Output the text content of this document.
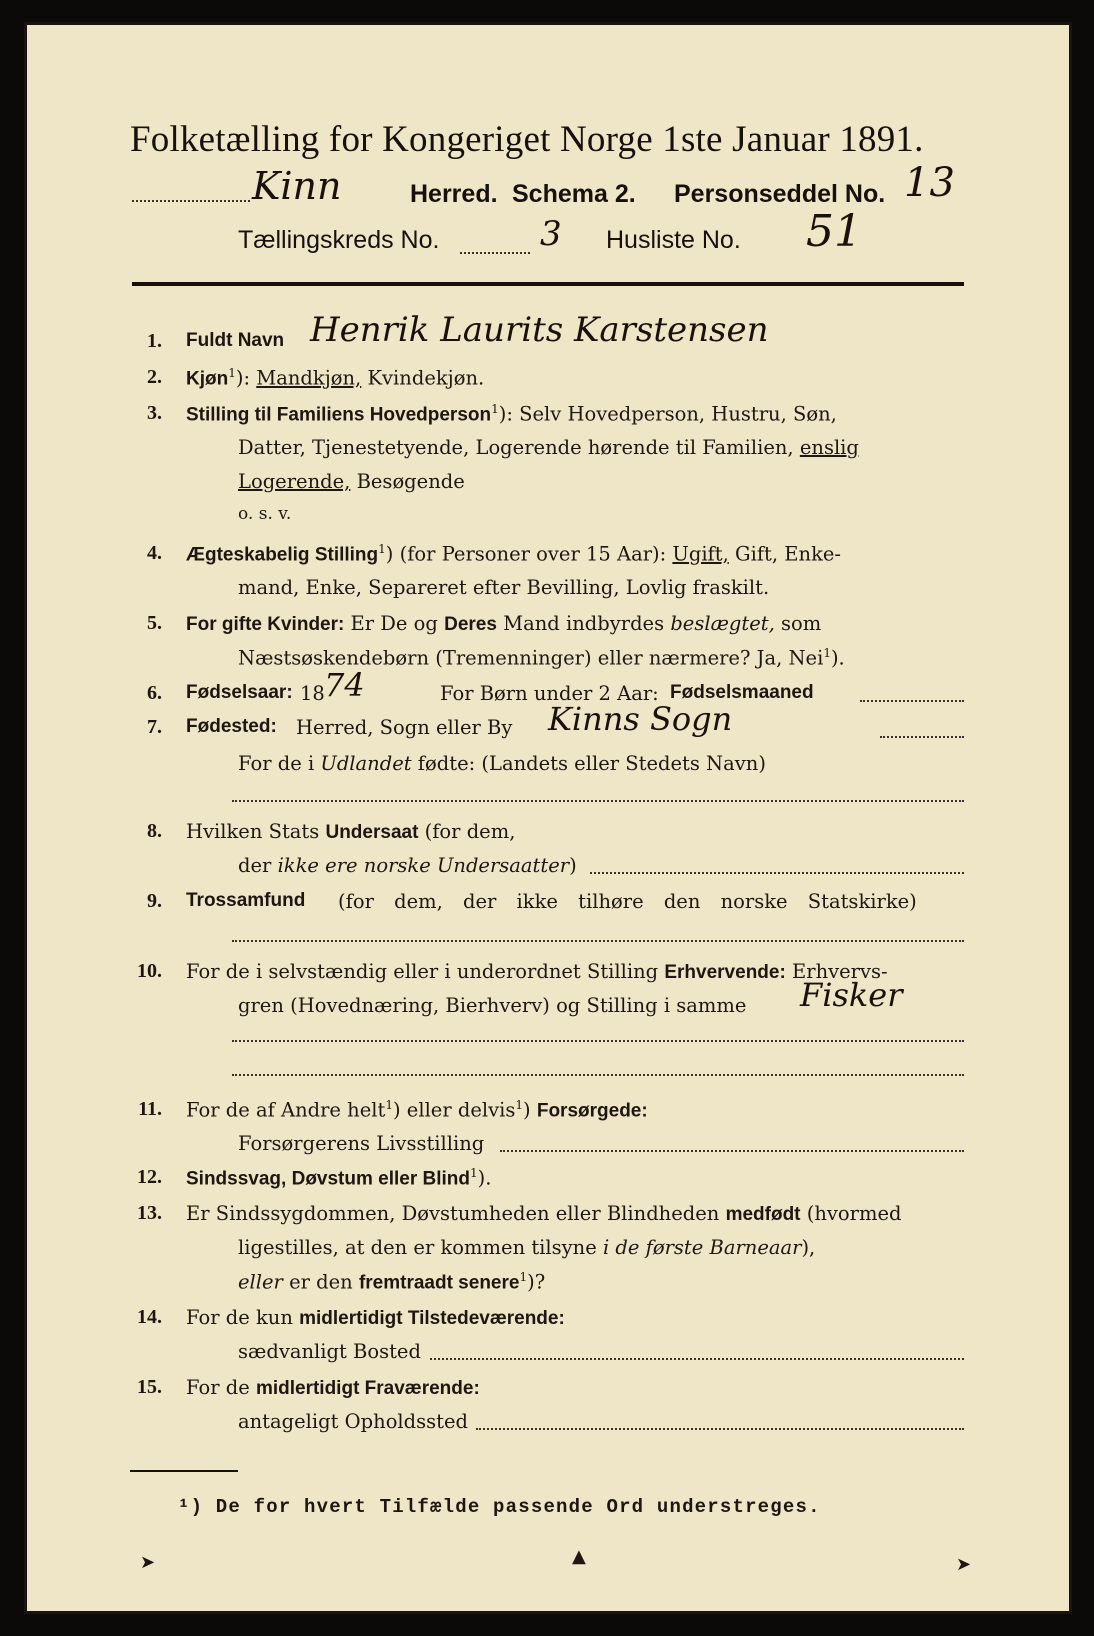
Folketælling for Kongeriget Norge 1ste Januar 1891.
Kinn	Herred. Schema 2. Personseddel No. 13
Tællingskreds No.	3 Husliste No. 51
1. Fuldt Navn Henrik Laurits Karstensen
2. Kjøn$^1$): Mandkjøn, Kvindekjøn.
3. Stilling til Familiens Hovedperson$^1$): Selv Hovedperson, Hustru, Søn,
Datter, Tjenestetyende, Logerende hørende til Familien, enslig
Logerende, Besøgende
o. s. v.
4. Ægteskabelig Stilling$^1$) (for Personer over 15 Aar): Ugift, Gift, Enke-
mand, Enke, Separeret efter Bevilling, Lovlig fraskilt.
5. For gifte Kvinder: Er De og Deres Mand indbyrdes beslægtet, som
Næstsøskendebørn (Tremenninger) eller nærmere? Ja, Nei$^1$).
6. Fødselsaar: 18 74	For Børn under 2 Aar: Fødselsmaaned
7. Fødested: Herred, Sogn eller By Kinns Sogn
For de i Udlandet fødte: (Landets eller Stedets Navn)
8. Hvilken Stats Undersaat (for dem,
der ikke ere norske Undersaatter)
9. Trossamfund (for dem, der ikke tilhøre den norske Statskirke)
10. For de i selvstændig eller i underordnet Stilling Erhvervende: Erhvervs-
gren (Hovednæring, Bierhverv) og Stilling i samme Fisker
11. For de af Andre helt$^1$) eller delvis$^1$) Forsørgede:
Forsørgerens Livsstilling
12. Sindssvag, Døvstum eller Blind$^1$).
13. Er Sindssygdommen, Døvstumheden eller Blindheden medfødt (hvormed
ligestilles, at den er kommen tilsyne i de første Barneaar),
eller er den fremtraadt senere$^1$)?
14. For de kun midlertidigt Tilstedeværende:
sædvanligt Bosted
15. For de midlertidigt Fraværende:
antageligt Opholdssted
¹) De for hvert Tilfælde passende Ord understreges.
➤	▲	➤
